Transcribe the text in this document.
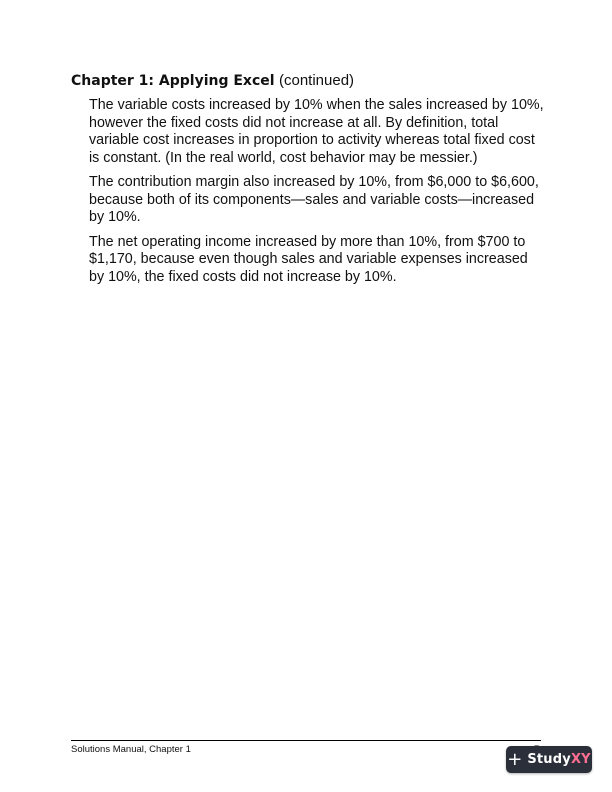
Chapter 1: Applying Excel (continued)

The variable costs increased by 10% when the sales increased by 10%, however the fixed costs did not increase at all. By definition, total variable cost increases in proportion to activity whereas total fixed cost is constant. (In the real world, cost behavior may be messier.)

The contribution margin also increased by 10%, from $6,000 to $6,600, because both of its components—sales and variable costs—increased by 10%.

The net operating income increased by more than 10%, from $700 to $1,170, because even though sales and variable expenses increased by 10%, the fixed costs did not increase by 10%.

Solutions Manual, Chapter 1	+ StudyXY
